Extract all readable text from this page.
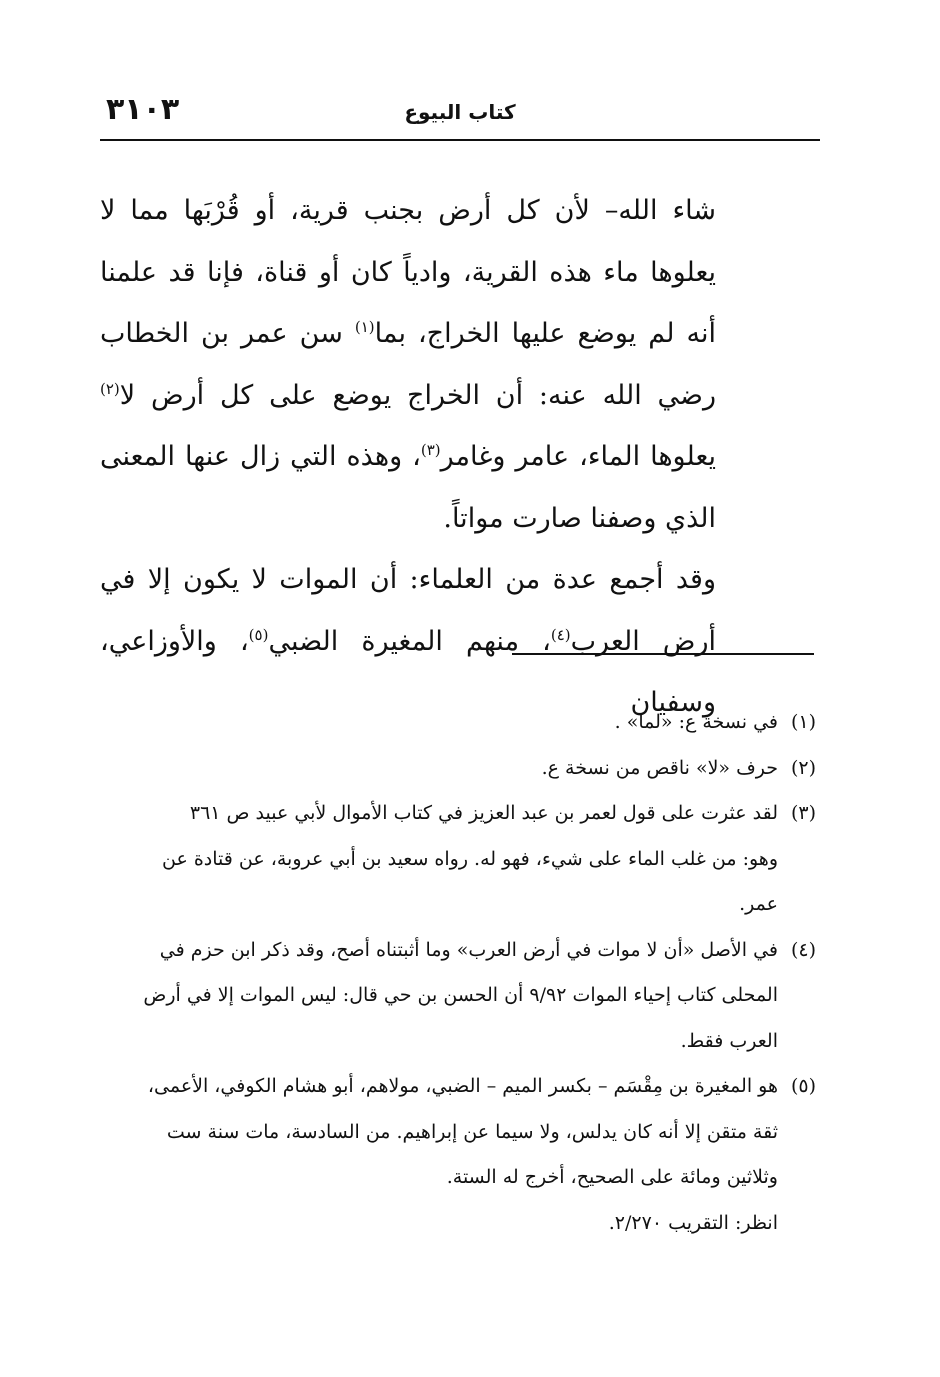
٣١٠٣	كتاب البيوع

شاء الله– لأن كل أرض بجنب قرية، أو قُرْبَها مما لا يعلوها ماء هذه القرية، وادياً كان أو قناة، فإنا قد علمنا أنه لم يوضع عليها الخراج، بما$^{(١)}$ سن عمر بن الخطاب رضي الله عنه: أن الخراج يوضع على كل أرض لا$^{(٢)}$ يعلوها الماء، عامر وغامر$^{(٣)}$، وهذه التي زال عنها المعنى الذي وصفنا صارت مواتاً.

وقد أجمع عدة من العلماء: أن الموات لا يكون إلا في أرض العرب$^{(٤)}$، منهم المغيرة الضبي$^{(٥)}$، والأوزاعي، وسفيان

(١)
في نسخة ع: «لما» .
(٢)
حرف «لا» ناقص من نسخة ع.
(٣)
لقد عثرت على قول لعمر بن عبد العزيز في كتاب الأموال لأبي عبيد ص ٣٦١
وهو: من غلب الماء على شيء، فهو له. رواه سعيد بن أبي عروبة، عن قتادة عن
عمر.
(٤)
في الأصل «أن لا موات في أرض العرب» وما أثبتناه أصح، وقد ذكر ابن حزم في
المحلى كتاب إحياء الموات ٩/٩٢ أن الحسن بن حي قال: ليس الموات إلا في أرض
العرب فقط.
(٥)
هو المغيرة بن مِقْسَم – بكسر الميم – الضبي، مولاهم، أبو هشام الكوفي، الأعمى،
ثقة متقن إلا أنه كان يدلس، ولا سيما عن إبراهيم. من السادسة، مات سنة ست
وثلاثين ومائة على الصحيح، أخرج له الستة.
انظر: التقريب ٢/٢٧٠.
